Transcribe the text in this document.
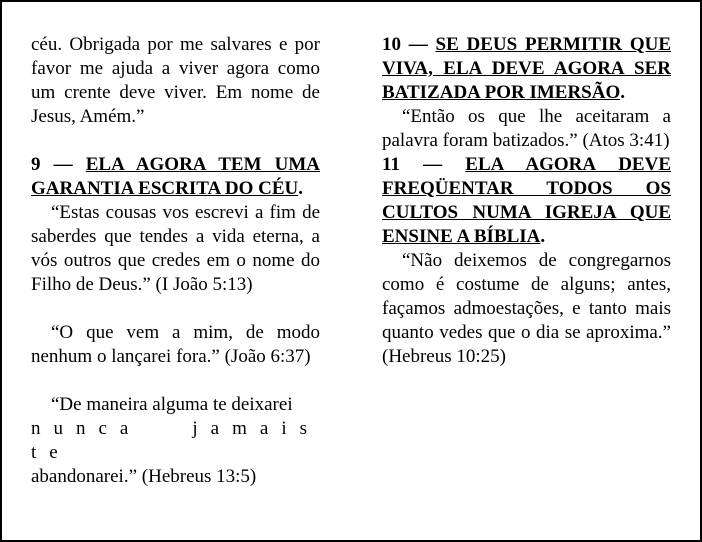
céu. Obrigada por me salvares e por favor me ajuda a viver agora como um crente deve viver. Em nome de Jesus, Amém.”

9 — ELA AGORA TEM UMA GARANTIA ESCRITA DO CÉU.

“Estas cousas vos escrevi a fim de saberdes que tendes a vida eterna, a vós outros que credes em o nome do Filho de Deus.” (I João 5:13)

“O que vem a mim, de modo nenhum o lançarei fora.” (João 6:37)

“De maneira alguma te deixarei

nunca jamais te

abandonarei.” (Hebreus 13:5)

10 — SE DEUS PERMITIR QUE VIVA, ELA DEVE AGORA SER BATIZADA POR IMERSÃO.

“Então os que lhe aceitaram a palavra foram batizados.” (Atos 3:41)

11 — ELA AGORA DEVE FREQÜENTAR TODOS OS CULTOS NUMA IGREJA QUE ENSINE A BÍBLIA.

“Não deixemos de congregarnos como é costume de alguns; antes, façamos admoestações, e tanto mais quanto vedes que o dia se aproxima.” (Hebreus 10:25)
